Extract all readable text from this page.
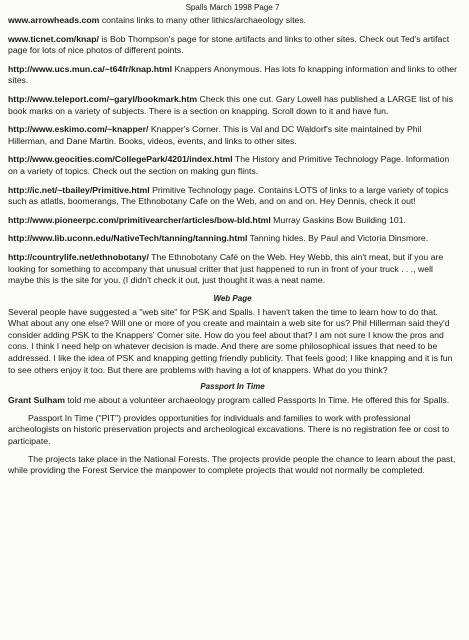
Spalls March 1998 Page 7
www.arrowheads.com contains links to many other lithics/archaeology sites.
www.ticnet.com/knap/ is Bob Thompson's page for stone artifacts and links to other sites. Check out Ted's artifact page for lots of nice photos of different points.
http://www.ucs.mun.ca/~t64fr/knap.html Knappers Anonymous. Has lots fo knapping information and links to other sites.
http://www.teleport.com/~garyl/bookmark.htm Check this one cut. Gary Lowell has published a LARGE list of his book marks on a variety of subjects. There is a section on knapping. Scroll down to it and have fun.
http://www.eskimo.com/~knapper/ Knapper's Corner. This is Val and DC Waldorf's site maintained by Phil Hillerman, and Dane Martin. Books, videos, events, and links to other sites.
http://www.geocities.com/CollegePark/4201/index.html The History and Primitive Technology Page. Information on a variety of topics. Check out the section on making gun flints.
http://ic.net/~tbailey/Primitive.html Primitive Technology page. Contains LOTS of links to a large variety of topics such as atlatls, boomerangs, The Ethnobotany Cafe on the Web, and on and on. Hey Dennis, check it out!
http://www.pioneerpc.com/primitivearcher/articles/bow-bld.html Murray Gaskins Bow Building 101.
http://www.lib.uconn.edu/NativeTech/tanning/tanning.html Tanning hides. By Paul and Victoria Dinsmore.
http://countrylife.net/ethnobotany/ The Ethnobotany Café on the Web. Hey Webb, this ain't meat, but if you are looking for something to accompany that unusual critter that just happened to run in front of your truck . . ., well maybe this is the site for you. (I didn't check it out, just thought it was a neat name.
Web Page
Several people have suggested a "web site" for PSK and Spalls. I haven't taken the time to learn how to do that. What about any one else? Will one or more of you create and maintain a web site for us? Phil Hillerman said they'd consider adding PSK to the Knappers' Corner site. How do you feel about that? I am not sure I know the pros and cons. I think I need help on whatever decision is made. And there are some philosophical issues that need to be addressed. I like the idea of PSK and knapping getting friendly publicity. That feels good; I like knapping and it is fun to see others enjoy it too. But there are problems with having a lot of knappers. What do you think?
Passport In Time
Grant Sulham told me about a volunteer archaeology program called Passports In Time. He offered this for Spalls.
Passport In Time ("PIT") provides opportunities for individuals and families to work with professional archeologists on historic preservation projects and archeological excavations. There is no registration fee or cost to participate.
The projects take place in the National Forests. The projects provide people the chance to learn about the past, while providing the Forest Service the manpower to complete projects that would not normally be completed.
